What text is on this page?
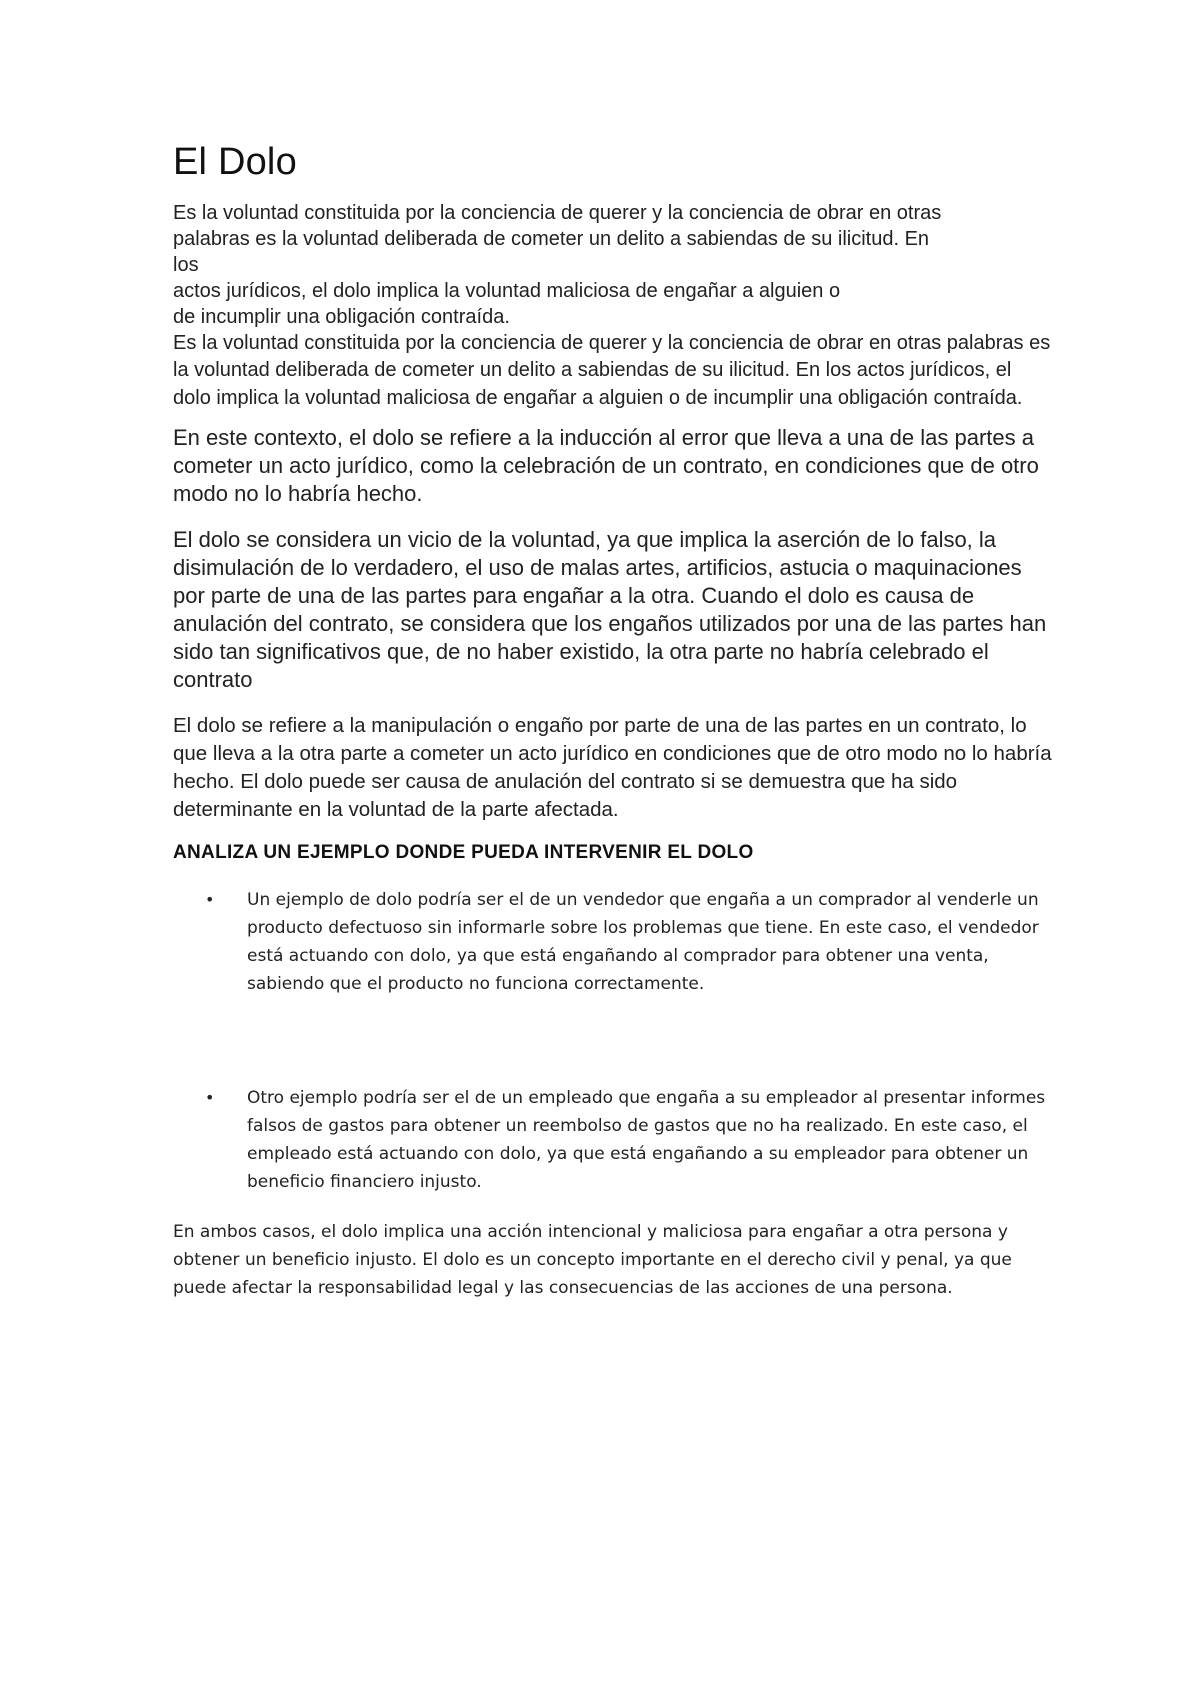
El Dolo
Es la voluntad constituida por la conciencia de querer y la conciencia de obrar en otras
palabras es la voluntad deliberada de cometer un delito a sabiendas de su ilicitud. En
los
actos jurídicos, el dolo implica la voluntad maliciosa de engañar a alguien o
de incumplir una obligación contraída.

Es la voluntad constituida por la conciencia de querer y la conciencia de obrar en otras palabras es la voluntad deliberada de cometer un delito a sabiendas de su ilicitud. En los actos jurídicos, el dolo implica la voluntad maliciosa de engañar a alguien o de incumplir una obligación contraída.

En este contexto, el dolo se refiere a la inducción al error que lleva a una de las partes a cometer un acto jurídico, como la celebración de un contrato, en condiciones que de otro modo no lo habría hecho.

El dolo se considera un vicio de la voluntad, ya que implica la aserción de lo falso, la disimulación de lo verdadero, el uso de malas artes, artificios, astucia o maquinaciones por parte de una de las partes para engañar a la otra. Cuando el dolo es causa de anulación del contrato, se considera que los engaños utilizados por una de las partes han sido tan significativos que, de no haber existido, la otra parte no habría celebrado el contrato

El dolo se refiere a la manipulación o engaño por parte de una de las partes en un contrato, lo que lleva a la otra parte a cometer un acto jurídico en condiciones que de otro modo no lo habría hecho. El dolo puede ser causa de anulación del contrato si se demuestra que ha sido determinante en la voluntad de la parte afectada.

ANALIZA UN EJEMPLO DONDE PUEDA INTERVENIR EL DOLO
• Un ejemplo de dolo podría ser el de un vendedor que engaña a un comprador al venderle un producto defectuoso sin informarle sobre los problemas que tiene. En este caso, el vendedor está actuando con dolo, ya que está engañando al comprador para obtener una venta, sabiendo que el producto no funciona correctamente.
• Otro ejemplo podría ser el de un empleado que engaña a su empleador al presentar informes falsos de gastos para obtener un reembolso de gastos que no ha realizado. En este caso, el empleado está actuando con dolo, ya que está engañando a su empleador para obtener un beneficio financiero injusto.

En ambos casos, el dolo implica una acción intencional y maliciosa para engañar a otra persona y obtener un beneficio injusto. El dolo es un concepto importante en el derecho civil y penal, ya que puede afectar la responsabilidad legal y las consecuencias de las acciones de una persona.
